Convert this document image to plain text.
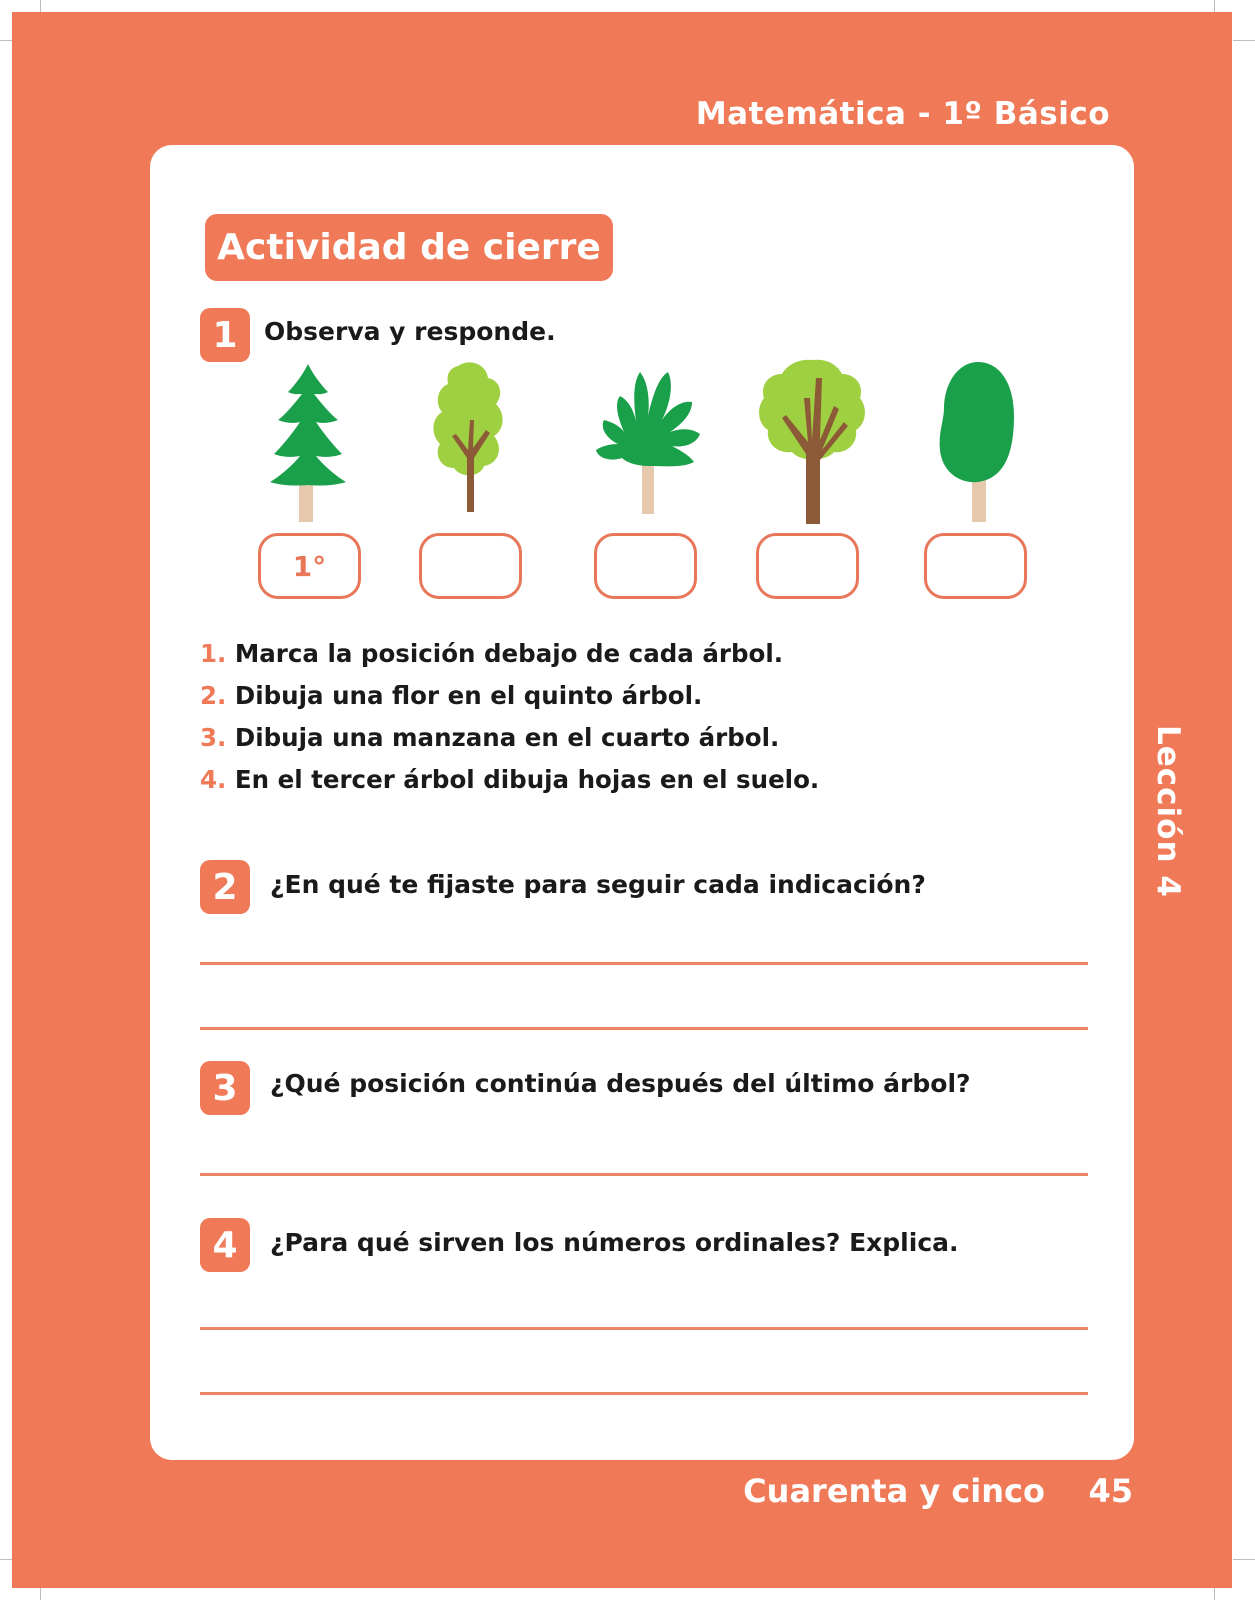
Matemática - 1º Básico
Lección 4
Actividad de cierre
1	Observa y responde.
1°
1. Marca la posición debajo de cada árbol.
2. Dibuja una flor en el quinto árbol.
3. Dibuja una manzana en el cuarto árbol.
4. En el tercer árbol dibuja hojas en el suelo.
2	¿En qué te fijaste para seguir cada indicación?
3	¿Qué posición continúa después del último árbol?
4	¿Para qué sirven los números ordinales? Explica.
Cuarenta y cinco 45
